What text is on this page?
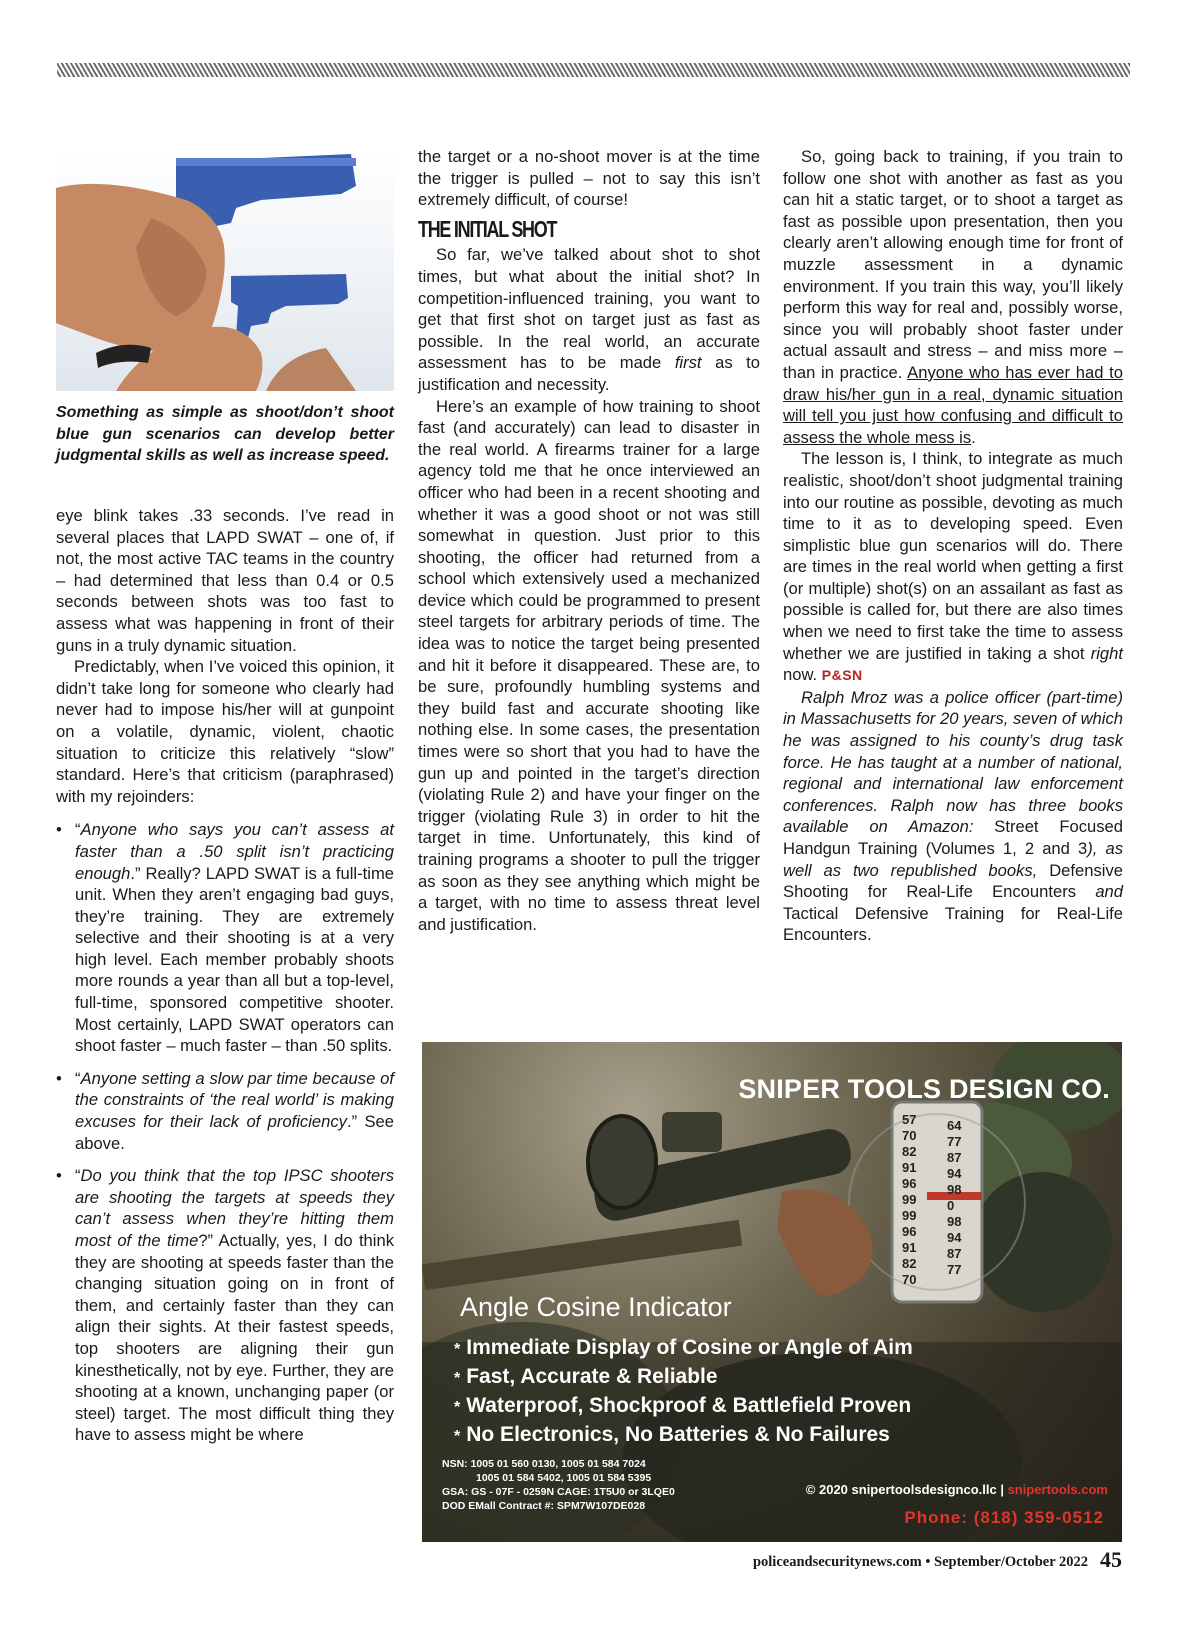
Something as simple as shoot/don’t shoot blue gun scenarios can develop better judgmental skills as well as increase speed.

eye blink takes .33 seconds. I’ve read in several places that LAPD SWAT – one of, if not, the most active TAC teams in the country – had determined that less than 0.4 or 0.5 seconds between shots was too fast to assess what was happening in front of their guns in a truly dynamic situation.

Predictably, when I’ve voiced this opinion, it didn’t take long for someone who clearly had never had to impose his/her will at gunpoint on a volatile, dynamic, violent, chaotic situation to criticize this relatively “slow” standard. Here’s that criticism (paraphrased) with my rejoinders:

• “Anyone who says you can’t assess at faster than a .50 split isn’t practicing enough.” Really? LAPD SWAT is a full-time unit. When they aren’t engaging bad guys, they’re training. They are extremely selective and their shooting is at a very high level. Each member probably shoots more rounds a year than all but a top-level, full-time, sponsored competitive shooter. Most certainly, LAPD SWAT operators can shoot faster – much faster – than .50 splits.
• “Anyone setting a slow par time because of the constraints of ‘the real world’ is making excuses for their lack of proficiency.” See above.
• “Do you think that the top IPSC shooters are shooting the targets at speeds they can’t assess when they’re hitting them most of the time?” Actually, yes, I do think they are shooting at speeds faster than the changing situation going on in front of them, and certainly faster than they can align their sights. At their fastest speeds, top shooters are aligning their gun kinesthetically, not by eye. Further, they are shooting at a known, unchanging paper (or steel) target. The most difficult thing they have to assess might be where

the target or a no-shoot mover is at the time the trigger is pulled – not to say this isn’t extremely difficult, of course!

THE INITIAL SHOT

So far, we’ve talked about shot to shot times, but what about the initial shot? In competition-influenced training, you want to get that first shot on target just as fast as possible. In the real world, an accurate assessment has to be made first as to justification and necessity.

Here’s an example of how training to shoot fast (and accurately) can lead to disaster in the real world. A firearms trainer for a large agency told me that he once interviewed an officer who had been in a recent shooting and whether it was a good shoot or not was still somewhat in question. Just prior to this shooting, the officer had returned from a school which extensively used a mechanized device which could be programmed to present steel targets for arbitrary periods of time. The idea was to notice the target being presented and hit it before it disappeared. These are, to be sure, profoundly humbling systems and they build fast and accurate shooting like nothing else. In some cases, the presentation times were so short that you had to have the gun up and pointed in the target’s direction (violating Rule 2) and have your finger on the trigger (violating Rule 3) in order to hit the target in time. Unfortunately, this kind of training programs a shooter to pull the trigger as soon as they see anything which might be a target, with no time to assess threat level and justification.

So, going back to training, if you train to follow one shot with another as fast as you can hit a static target, or to shoot a target as fast as possible upon presentation, then you clearly aren’t allowing enough time for front of muzzle assessment in a dynamic environment. If you train this way, you’ll likely perform this way for real and, possibly worse, since you will probably shoot faster under actual assault and stress – and miss more – than in practice. Anyone who has ever had to draw his/her gun in a real, dynamic situation will tell you just how confusing and difficult to assess the whole mess is.

The lesson is, I think, to integrate as much realistic, shoot/don’t shoot judgmental training into our routine as possible, devoting as much time to it as to developing speed. Even simplistic blue gun scenarios will do. There are times in the real world when getting a first (or multiple) shot(s) on an assailant as fast as possible is called for, but there are also times when we need to first take the time to assess whether we are justified in taking a shot right now. P&SN

Ralph Mroz was a police officer (part-time) in Massachusetts for 20 years, seven of which he was assigned to his county’s drug task force. He has taught at a number of national, regional and international law enforcement conferences. Ralph now has three books available on Amazon: Street Focused Handgun Training (Volumes 1, 2 and 3), as well as two republished books, Defensive Shooting for Real-Life Encounters and Tactical Defensive Training for Real-Life Encounters.

57
70
82
91
96
99
99
96
91
82
70
64
77
87
94
98
0
98
94
87
77
SNIPER TOOLS DESIGN CO.
Angle Cosine Indicator
* Immediate Display of Cosine or Angle of Aim
* Fast, Accurate & Reliable
* Waterproof, Shockproof & Battlefield Proven
* No Electronics, No Batteries & No Failures
NSN: 1005 01 560 0130, 1005 01 584 7024
1005 01 584 5402, 1005 01 584 5395
GSA: GS - 07F - 0259N CAGE: 1T5U0 or 3LQE0
DOD EMall Contract #: SPM7W107DE028
© 2020 snipertoolsdesignco.llc | snipertools.com
Phone: (818) 359-0512
policeandsecuritynews.com • September/October 2022 45
